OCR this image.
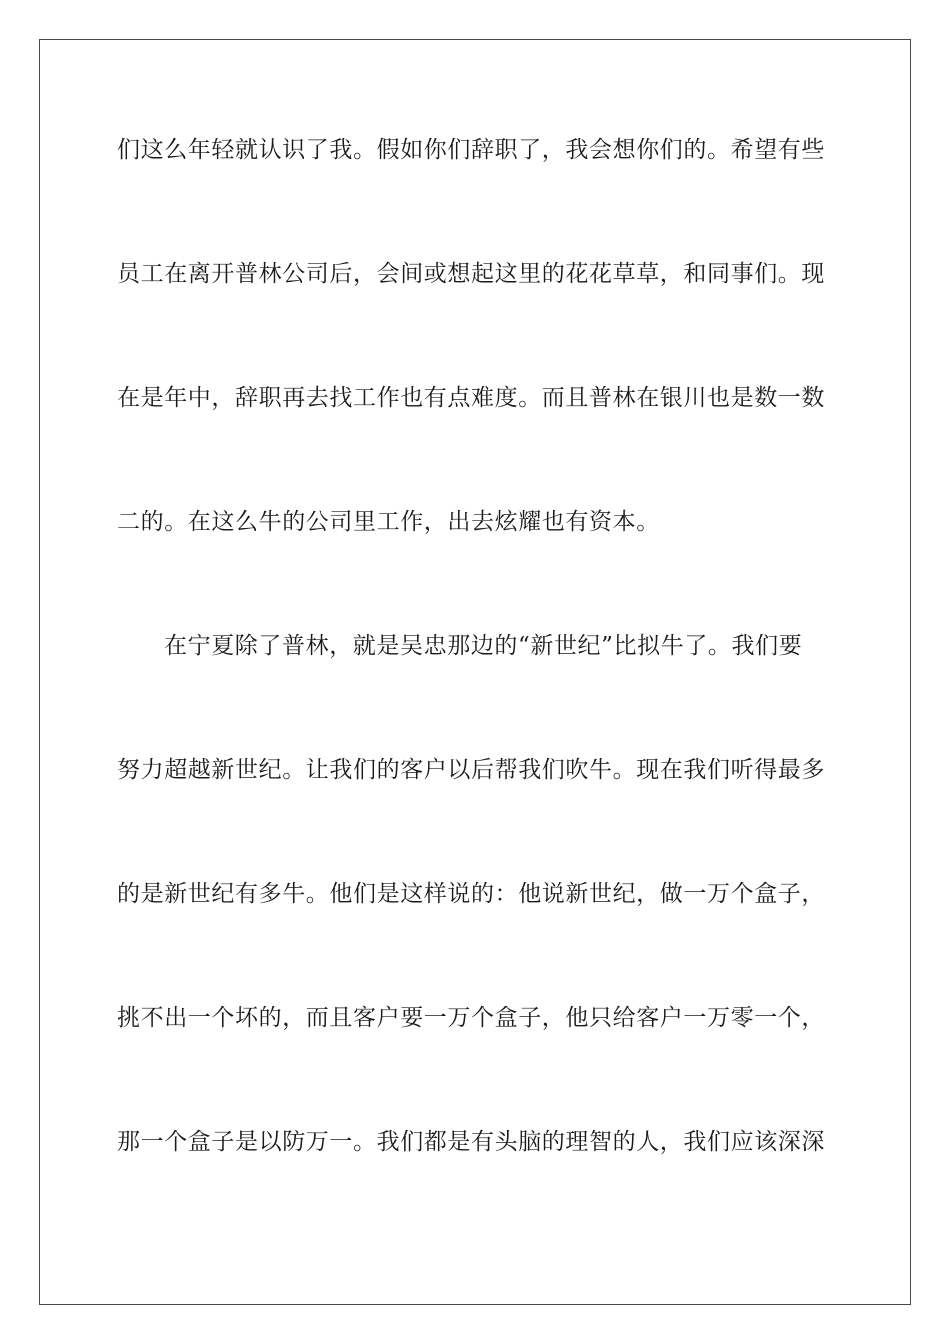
们这么年轻就认识了我。假如你们辞职了，我会想你们的。希望有些
员工在离开普林公司后，会间或想起这里的花花草草，和同事们。现
在是年中，辞职再去找工作也有点难度。而且普林在银川也是数一数
二的。在这么牛的公司里工作，出去炫耀也有资本。
在宁夏除了普林，就是吴忠那边的“新世纪”比拟牛了。我们要
努力超越新世纪。让我们的客户以后帮我们吹牛。现在我们听得最多
的是新世纪有多牛。他们是这样说的：他说新世纪，做一万个盒子，
挑不出一个坏的，而且客户要一万个盒子，他只给客户一万零一个，
那一个盒子是以防万一。我们都是有头脑的理智的人，我们应该深深
